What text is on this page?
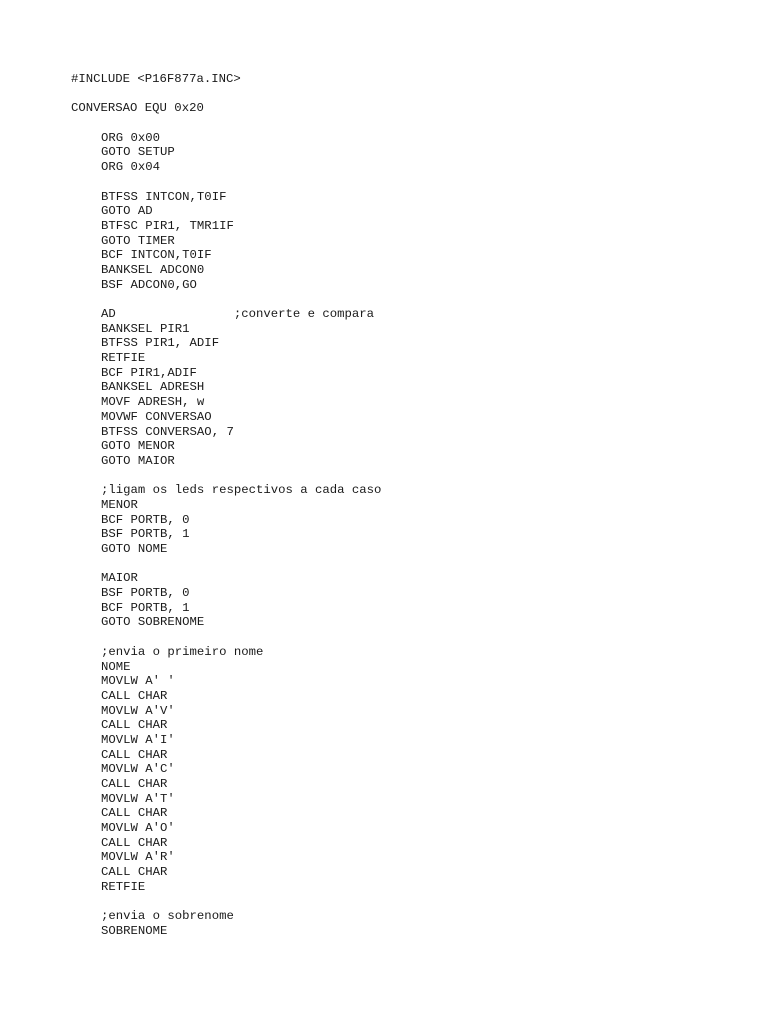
#INCLUDE <P16F877a.INC>
CONVERSAO EQU 0x20
ORG 0x00
GOTO SETUP
ORG 0x04
BTFSS INTCON,T0IF
GOTO AD
BTFSC PIR1, TMR1IF
GOTO TIMER
BCF INTCON,T0IF
BANKSEL ADCON0
BSF ADCON0,GO
AD                ;converte e compara
BANKSEL PIR1
BTFSS PIR1, ADIF
RETFIE
BCF PIR1,ADIF
BANKSEL ADRESH
MOVF ADRESH, w
MOVWF CONVERSAO
BTFSS CONVERSAO, 7
GOTO MENOR
GOTO MAIOR
;ligam os leds respectivos a cada caso
MENOR
BCF PORTB, 0
BSF PORTB, 1
GOTO NOME
MAIOR
BSF PORTB, 0
BCF PORTB, 1
GOTO SOBRENOME
;envia o primeiro nome
NOME
MOVLW A' '
CALL CHAR
MOVLW A'V'
CALL CHAR
MOVLW A'I'
CALL CHAR
MOVLW A'C'
CALL CHAR
MOVLW A'T'
CALL CHAR
MOVLW A'O'
CALL CHAR
MOVLW A'R'
CALL CHAR
RETFIE
;envia o sobrenome
SOBRENOME
